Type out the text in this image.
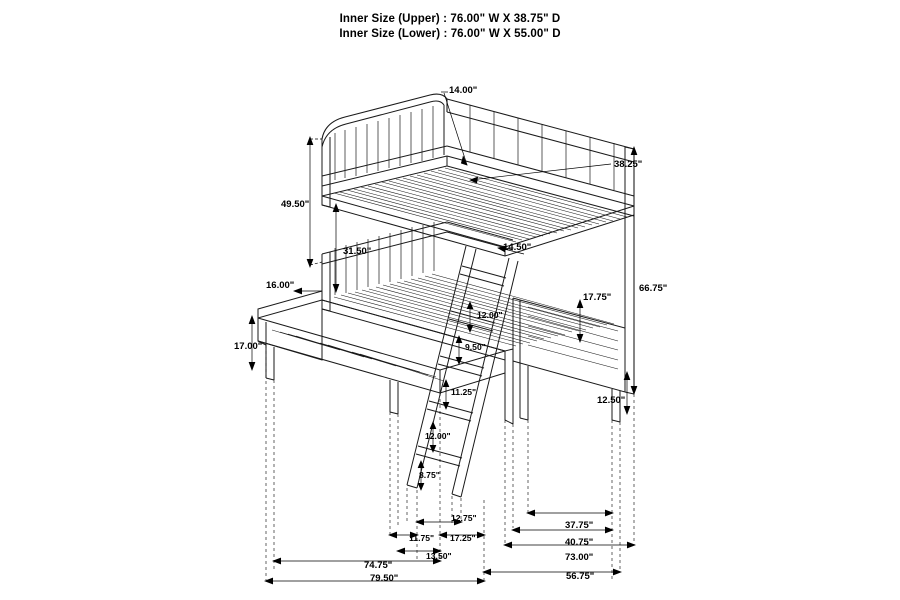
Inner Size (Upper) : 76.00" W X 38.75" D
Inner Size (Lower) : 76.00" W X 55.00" D
14.00"
38.25"
49.50"
31.50"	14.50"
16.00"	66.75"
17.75"
12.00"
17.00"	9.50"
11.25"
12.50"
12.00"
8.75"
12.75"
37.75"
11.75" 17.25"	40.75"
74.75"
13.50"	73.00"
79.50"	56.75"
